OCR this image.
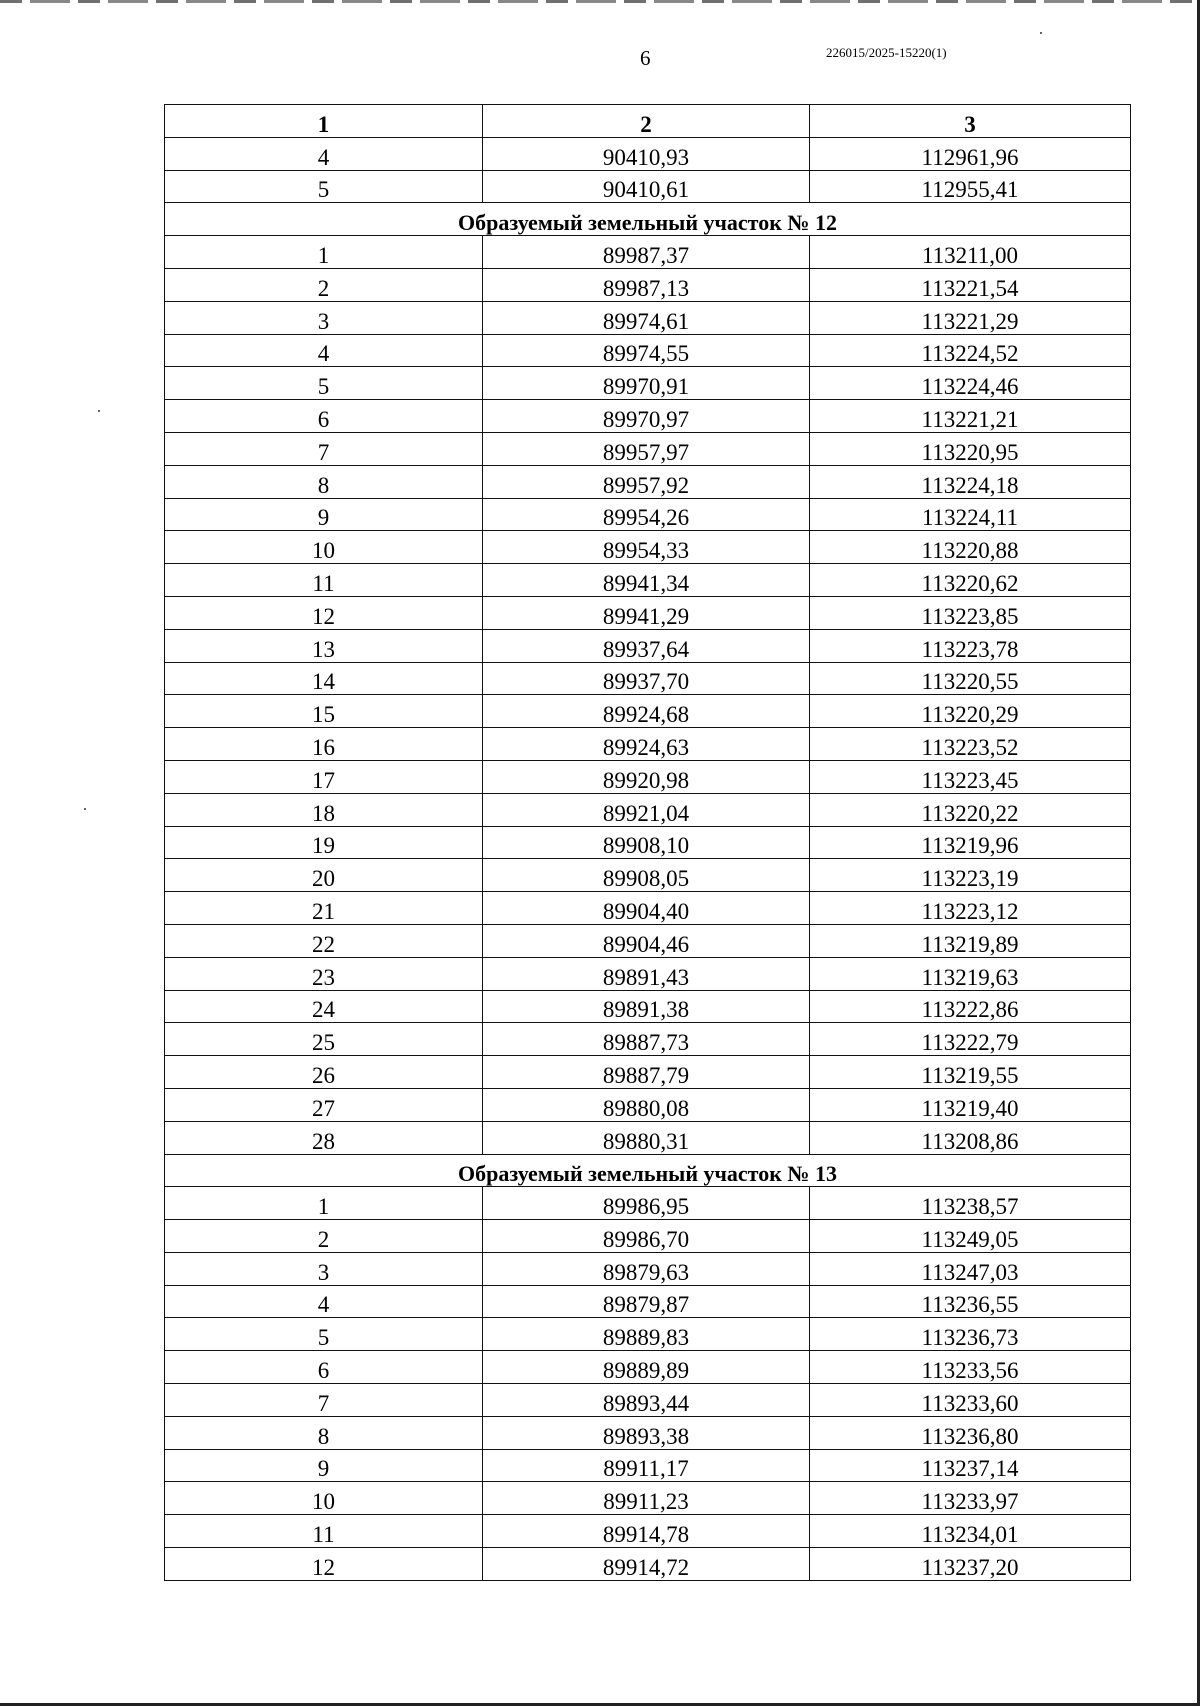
6	226015/2025-15220(1)
1	2	3
4	90410,93	112961,96
5	90410,61	112955,41
Образуемый земельный участок № 12		
1	89987,37	113211,00
2	89987,13	113221,54
3	89974,61	113221,29
4	89974,55	113224,52
5	89970,91	113224,46
6	89970,97	113221,21
7	89957,97	113220,95
8	89957,92	113224,18
9	89954,26	113224,11
10	89954,33	113220,88
11	89941,34	113220,62
12	89941,29	113223,85
13	89937,64	113223,78
14	89937,70	113220,55
15	89924,68	113220,29
16	89924,63	113223,52
17	89920,98	113223,45
18	89921,04	113220,22
19	89908,10	113219,96
20	89908,05	113223,19
21	89904,40	113223,12
22	89904,46	113219,89
23	89891,43	113219,63
24	89891,38	113222,86
25	89887,73	113222,79
26	89887,79	113219,55
27	89880,08	113219,40
28	89880,31	113208,86
Образуемый земельный участок № 13		
1	89986,95	113238,57
2	89986,70	113249,05
3	89879,63	113247,03
4	89879,87	113236,55
5	89889,83	113236,73
6	89889,89	113233,56
7	89893,44	113233,60
8	89893,38	113236,80
9	89911,17	113237,14
10	89911,23	113233,97
11	89914,78	113234,01
12	89914,72	113237,20
